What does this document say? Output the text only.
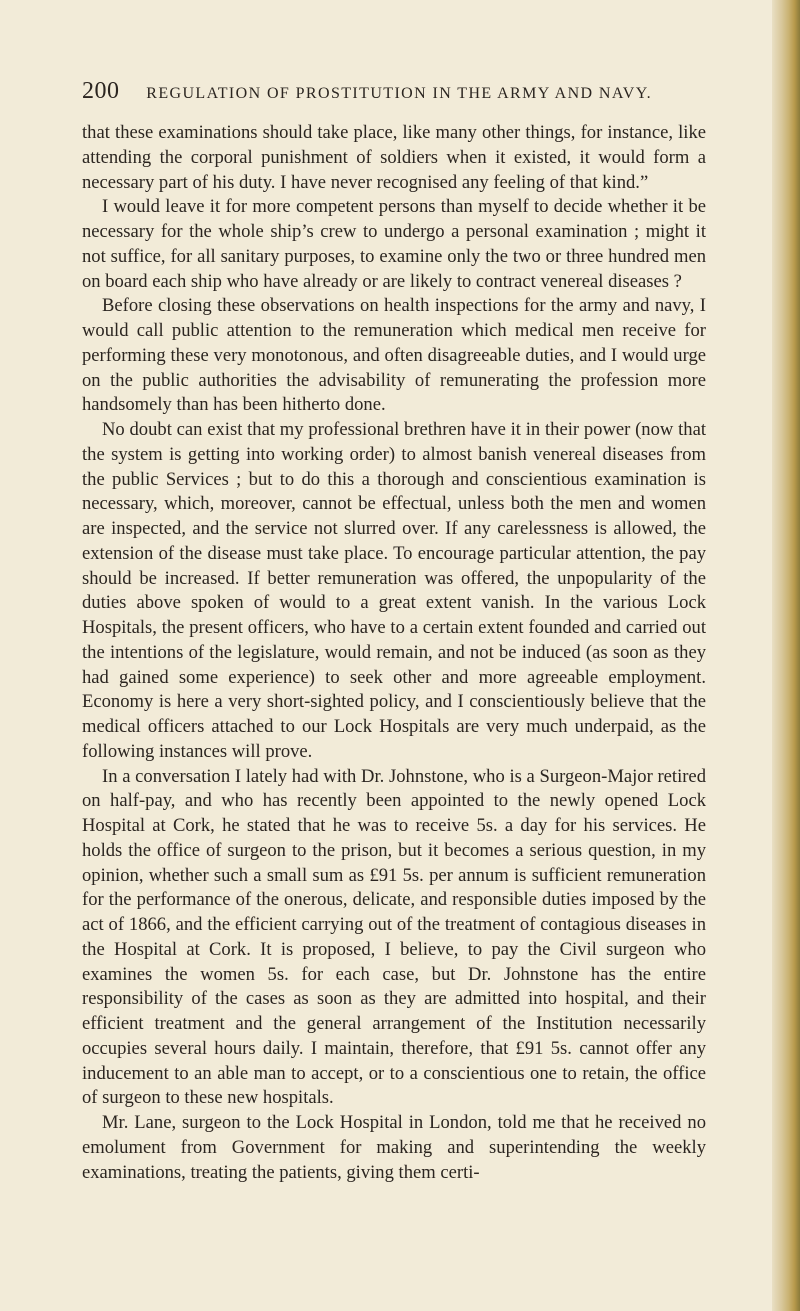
200 REGULATION OF PROSTITUTION IN THE ARMY AND NAVY.

that these examinations should take place, like many other things, for instance, like attending the corporal punishment of soldiers when it existed, it would form a necessary part of his duty. I have never recognised any feeling of that kind.”

I would leave it for more competent persons than myself to decide whether it be necessary for the whole ship’s crew to undergo a personal examination ; might it not suffice, for all sanitary purposes, to examine only the two or three hundred men on board each ship who have already or are likely to contract venereal diseases ?

Before closing these observations on health inspections for the army and navy, I would call public attention to the remuneration which medical men receive for performing these very monotonous, and often disagreeable duties, and I would urge on the public authorities the advisability of remunerating the profession more handsomely than has been hitherto done.

No doubt can exist that my professional brethren have it in their power (now that the system is getting into working order) to almost banish venereal diseases from the public Services ; but to do this a thorough and conscientious examination is necessary, which, moreover, cannot be effectual, unless both the men and women are inspected, and the service not slurred over. If any carelessness is allowed, the extension of the disease must take place. To encourage particular attention, the pay should be increased. If better remuneration was offered, the unpopularity of the duties above spoken of would to a great extent vanish. In the various Lock Hospitals, the present officers, who have to a certain extent founded and carried out the intentions of the legislature, would remain, and not be induced (as soon as they had gained some experience) to seek other and more agreeable employment. Economy is here a very short-sighted policy, and I conscientiously believe that the medical officers attached to our Lock Hospitals are very much underpaid, as the following instances will prove.

In a conversation I lately had with Dr. Johnstone, who is a Surgeon-Major retired on half-pay, and who has recently been appointed to the newly opened Lock Hospital at Cork, he stated that he was to receive 5s. a day for his services. He holds the office of surgeon to the prison, but it becomes a serious question, in my opinion, whether such a small sum as £91 5s. per annum is sufficient remuneration for the performance of the onerous, delicate, and responsible duties imposed by the act of 1866, and the efficient carrying out of the treatment of contagious diseases in the Hospital at Cork. It is proposed, I believe, to pay the Civil surgeon who examines the women 5s. for each case, but Dr. Johnstone has the entire responsibility of the cases as soon as they are admitted into hospital, and their efficient treatment and the general arrangement of the Institution necessarily occupies several hours daily. I maintain, therefore, that £91 5s. cannot offer any inducement to an able man to accept, or to a conscientious one to retain, the office of surgeon to these new hospitals.

Mr. Lane, surgeon to the Lock Hospital in London, told me that he received no emolument from Government for making and superintending the weekly examinations, treating the patients, giving them certi-
